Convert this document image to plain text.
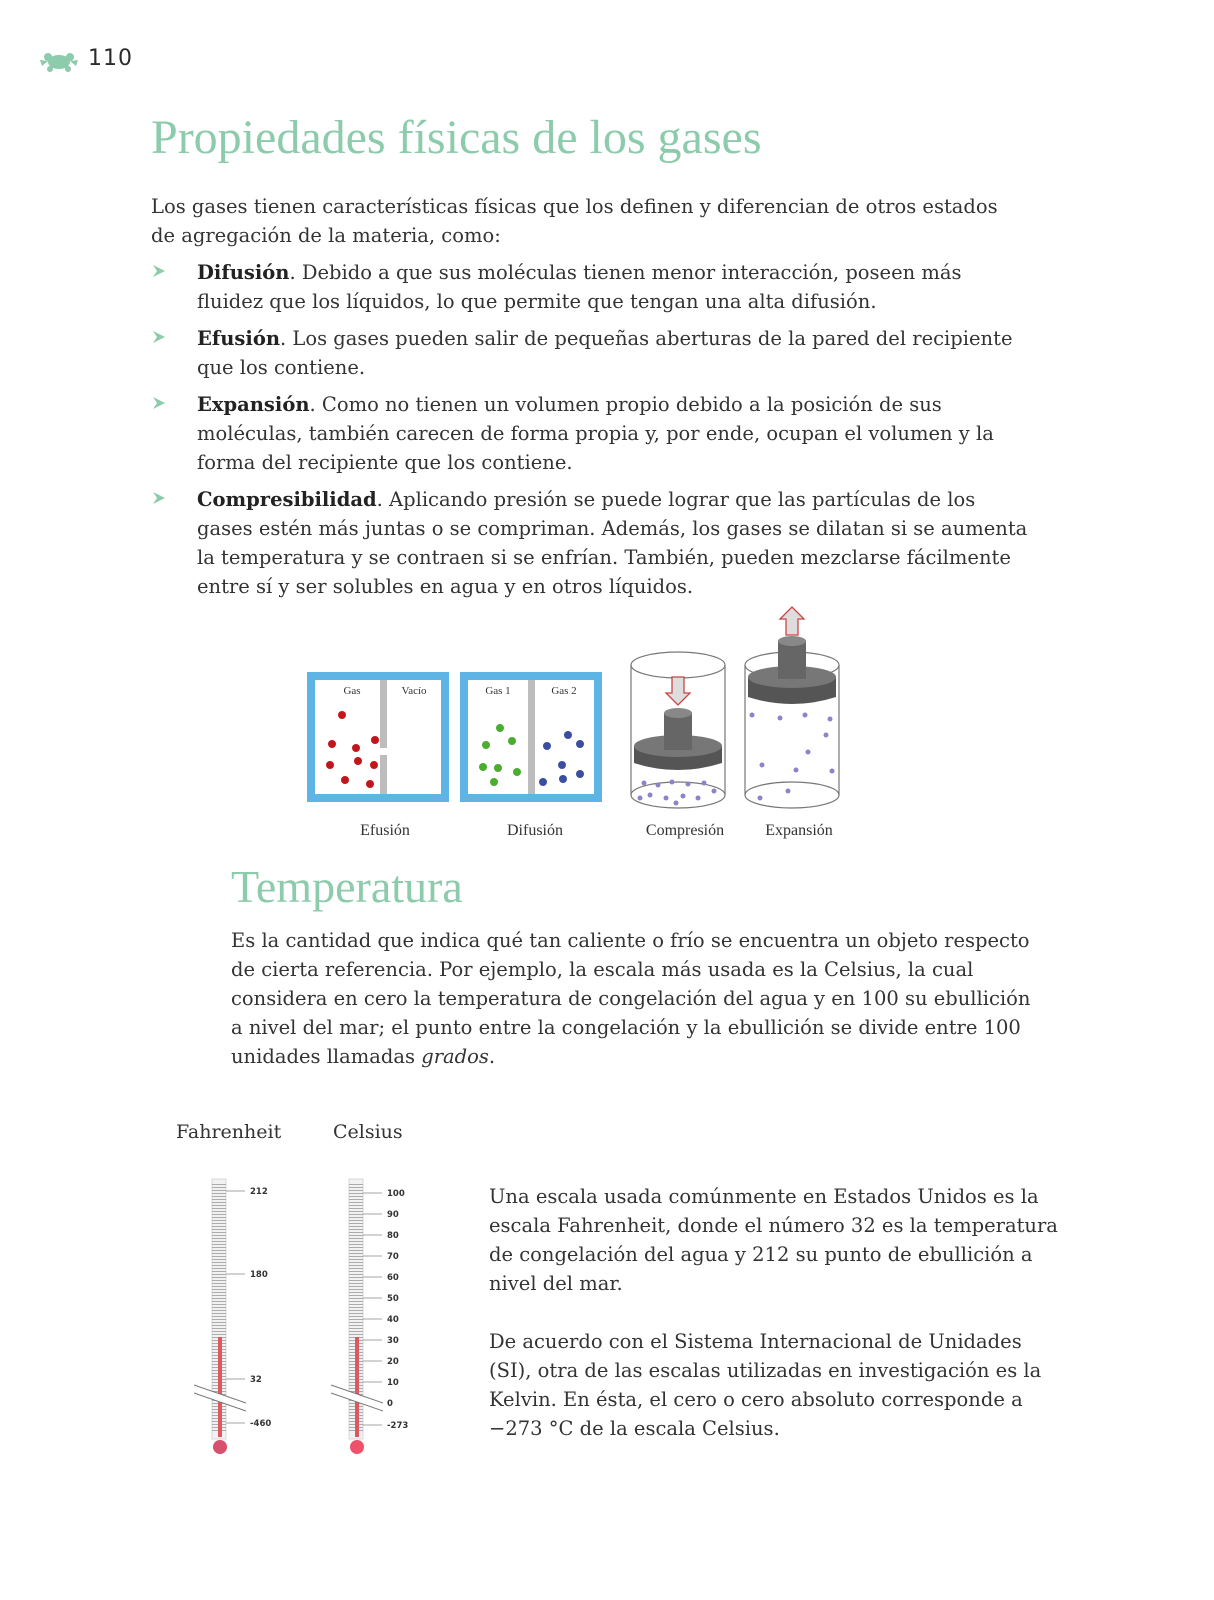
110
Propiedades físicas de los gases

Los gases tienen características físicas que los definen y diferencian de otros estados de agregación de la materia, como:

Difusión. Debido a que sus moléculas tienen menor interacción, poseen más fluidez que los líquidos, lo que permite que tengan una alta difusión.
Efusión. Los gases pueden salir de pequeñas aberturas de la pared del recipiente que los contiene.
Expansión. Como no tienen un volumen propio debido a la posición de sus moléculas, también carecen de forma propia y, por ende, ocupan el volumen y la forma del recipiente que los contiene.
Compresibilidad. Aplicando presión se puede lograr que las partículas de los gases estén más juntas o se compriman. Además, los gases se dilatan si se aumenta la temperatura y se contraen si se enfrían. También, pueden mezclarse fácilmente entre sí y ser solubles en agua y en otros líquidos.
Gas	Vacío	Gas 1	Gas 2
Efusión	Difusión	Compresión	Expansión
Temperatura

Es la cantidad que indica qué tan caliente o frío se encuentra un objeto respecto de cierta referencia. Por ejemplo, la escala más usada es la Celsius, la cual considera en cero la temperatura de congelación del agua y en 100 su ebullición a nivel del mar; el punto entre la congelación y la ebullición se divide entre 100 unidades llamadas grados.

Fahrenheit	Celsius
212
180
32
-460
100
90
80
70
60
50
40
30
20
10
0
-273

Una escala usada comúnmente en Estados Unidos es la escala Fahrenheit, donde el número 32 es la temperatura de congelación del agua y 212 su punto de ebullición a nivel del mar.

De acuerdo con el Sistema Internacional de Unidades (SI), otra de las escalas utilizadas en investigación es la Kelvin. En ésta, el cero o cero absoluto corresponde a −273 °C de la escala Celsius.
